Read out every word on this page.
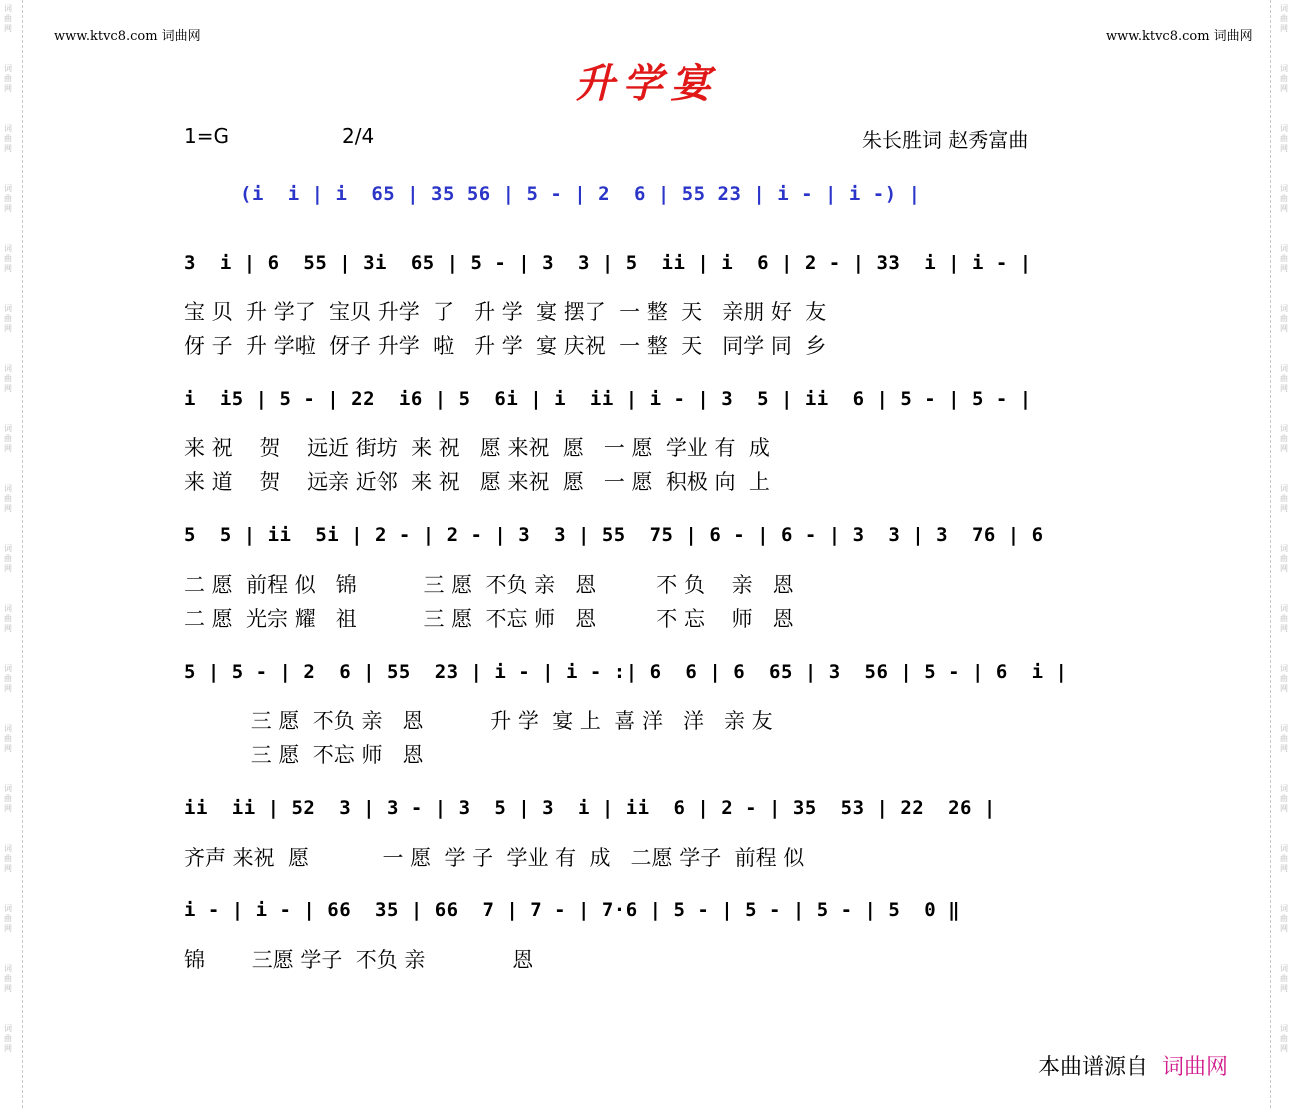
词
曲
网
词
曲
网
词
曲
网
词
曲
网
词
曲
网
词
曲
网
词
曲
网
词
曲
网
词
曲
网
词
曲
网
词
曲
网
词
曲
网
词
曲
网
词
曲
网
词
曲
网
词
曲
网
词
曲
网
词
曲
网
词
曲
网
词
曲
网
词
曲
网
词
曲
网
词
曲
网
词
曲
网
词
曲
网
词
曲
网
词
曲
网
词
曲
网
词
曲
网
词
曲
网
词
曲
网
词
曲
网
词
曲
网
词
曲
网
词
曲
网
词
曲
网
www.ktvc8.com 词曲网	www.ktvc8.com 词曲网
升学宴
1=G	2/4	朱长胜词 赵秀富曲
(i  i | i  65 | 35 56 | 5 - | 2  6 | 55 23 | i - | i -) |
3  i | 6  55 | 3i  65 | 5 - | 3  3 | 5  ii | i  6 | 2 - | 33  i | i - |
宝 贝  升 学了  宝贝 升学  了   升 学  宴 摆了  一 整  天   亲朋 好  友
伢 子  升 学啦  伢子 升学  啦   升 学  宴 庆祝  一 整  天   同学 同  乡
i  i5 | 5 - | 22  i6 | 5  6i | i  ii | i - | 3  5 | ii  6 | 5 - | 5 - |
来 祝    贺    远近 街坊  来 祝   愿 来祝  愿   一 愿  学业 有  成
来 道    贺    远亲 近邻  来 祝   愿 来祝  愿   一 愿  积极 向  上
5  5 | ii  5i | 2 - | 2 - | 3  3 | 55  75 | 6 - | 6 - | 3  3 | 3  76 | 6
二 愿  前程 似   锦          三 愿  不负 亲   恩         不 负    亲   恩
二 愿  光宗 耀   祖          三 愿  不忘 师   恩         不 忘    师   恩
5 | 5 - | 2  6 | 55  23 | i - | i - :| 6  6 | 6  65 | 3  56 | 5 - | 6  i |
三 愿  不负 亲   恩          升 学  宴 上  喜 洋   洋   亲 友
三 愿  不忘 师   恩
ii  ii | 52  3 | 3 - | 3  5 | 3  i | ii  6 | 2 - | 35  53 | 22  26 |
齐声 来祝  愿           一 愿  学 子  学业 有  成   二愿 学子  前程 似
i - | i - | 66  35 | 66  7 | 7 - | 7·6 | 5 - | 5 - | 5 - | 5  0 ‖
锦       三愿 学子  不负 亲             恩
本曲谱源自 词曲网
